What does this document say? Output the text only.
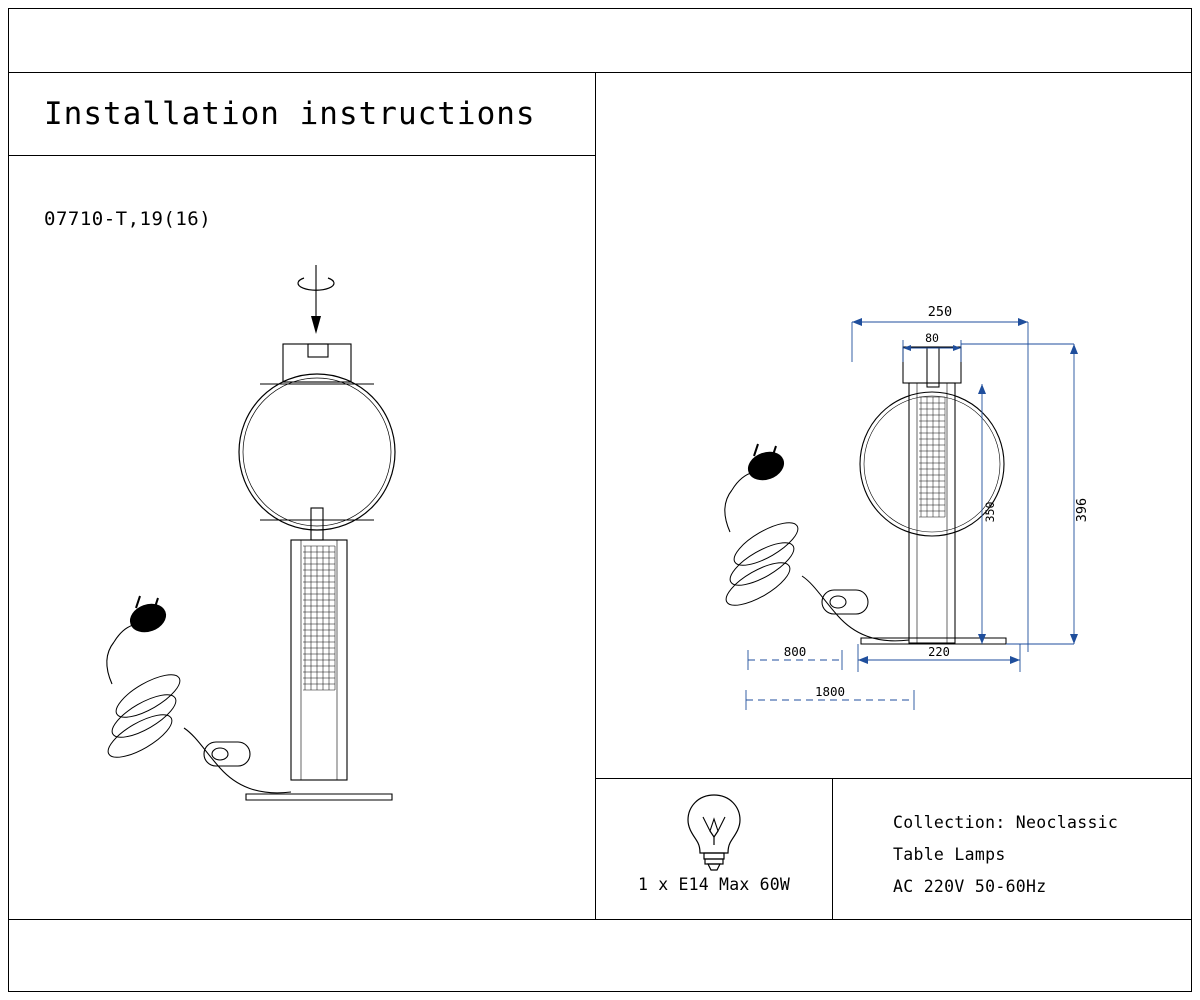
Installation instructions
07710-T,19(16)
250
80
396
350
220
800
1800
1 x E14 Max 60W
Collection: Neoclassic
Table Lamps
AC 220V 50-60Hz
